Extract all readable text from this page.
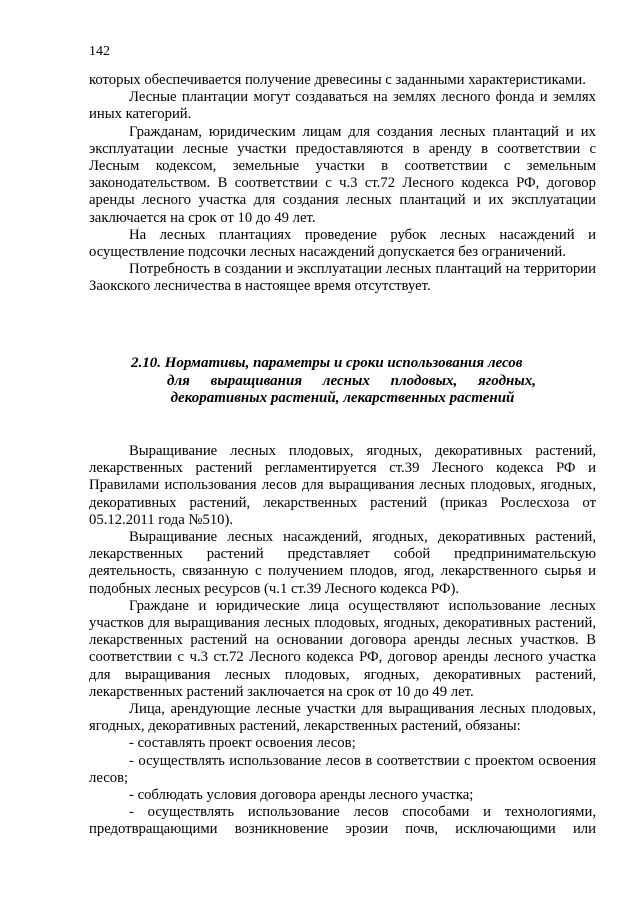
142

которых обеспечивается получение древесины с заданными характеристиками.

Лесные плантации могут создаваться на землях лесного фонда и землях иных категорий.

Гражданам, юридическим лицам для создания лесных плантаций и их эксплуатации лесные участки предоставляются в аренду в соответствии с Лесным кодексом, земельные участки в соответствии с земельным законодательством. В соответствии с ч.3 ст.72 Лесного кодекса РФ, договор аренды лесного участка для создания лесных плантаций и их эксплуатации заключается на срок от 10 до 49 лет.

На лесных плантациях проведение рубок лесных насаждений и осуществление подсочки лесных насаждений допускается без ограничений.

Потребность в создании и эксплуатации лесных плантаций на территории Заокского лесничества в настоящее время отсутствует.

2.10. Нормативы, параметры и сроки использования лесов
для выращивания лесных плодовых, ягодных,
декоративных растений, лекарственных растений

Выращивание лесных плодовых, ягодных, декоративных растений, лекарственных растений регламентируется ст.39 Лесного кодекса РФ и Правилами использования лесов для выращивания лесных плодовых, ягодных, декоративных растений, лекарственных растений (приказ Рослесхоза от 05.12.2011 года №510).

Выращивание лесных насаждений, ягодных, декоративных растений, лекарственных растений представляет собой предпринимательскую деятельность, связанную с получением плодов, ягод, лекарственного сырья и подобных лесных ресурсов (ч.1 ст.39 Лесного кодекса РФ).

Граждане и юридические лица осуществляют использование лесных участков для выращивания лесных плодовых, ягодных, декоративных растений, лекарственных растений на основании договора аренды лесных участков. В соответствии с ч.3 ст.72 Лесного кодекса РФ, договор аренды лесного участка для выращивания лесных плодовых, ягодных, декоративных растений, лекарственных растений заключается на срок от 10 до 49 лет.

Лица, арендующие лесные участки для выращивания лесных плодовых, ягодных, декоративных растений, лекарственных растений, обязаны:

- составлять проект освоения лесов;

- осуществлять использование лесов в соответствии с проектом освоения лесов;

- соблюдать условия договора аренды лесного участка;

- осуществлять использование лесов способами и технологиями, предотвращающими возникновение эрозии почв, исключающими или
